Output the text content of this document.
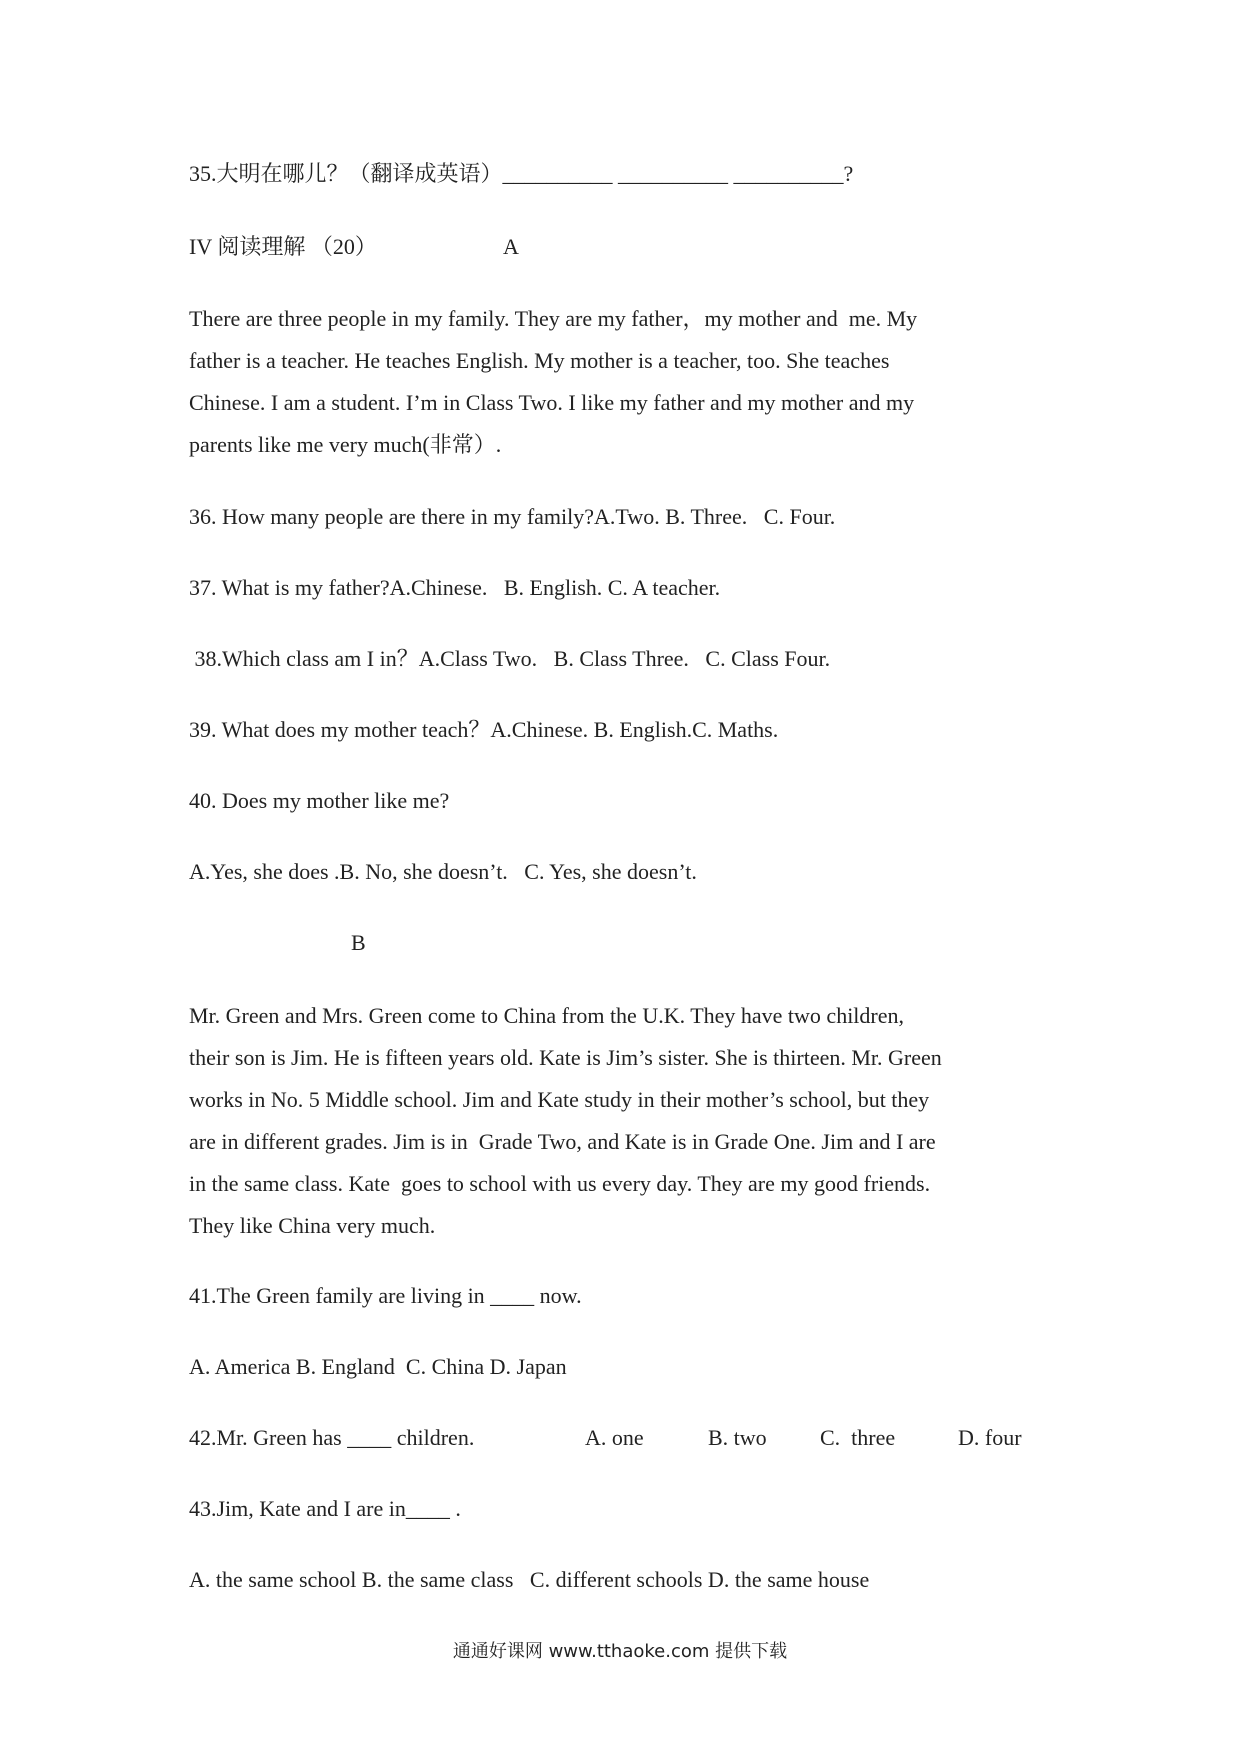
35.大明在哪儿？（翻译成英语）__________ __________ __________?
IV 阅读理解 （20）	A
There are three people in my family. They are my father，my mother and  me. My
father is a teacher. He teaches English. My mother is a teacher, too. She teaches
Chinese. I am a student. I’m in Class Two. I like my father and my mother and my
parents like me very much(非常）.
36. How many people are there in my family?A.Two. B. Three.   C. Four.
37. What is my father?A.Chinese.   B. English. C. A teacher.
38.Which class am I in？A.Class Two.   B. Class Three.   C. Class Four.
39. What does my mother teach？A.Chinese. B. English.C. Maths.
40. Does my mother like me?
A.Yes, she does .B. No, she doesn’t.   C. Yes, she doesn’t.
B
Mr. Green and Mrs. Green come to China from the U.K. They have two children,
their son is Jim. He is fifteen years old. Kate is Jim’s sister. She is thirteen. Mr. Green
works in No. 5 Middle school. Jim and Kate study in their mother’s school, but they
are in different grades. Jim is in  Grade Two, and Kate is in Grade One. Jim and I are
in the same class. Kate  goes to school with us every day. They are my good friends.
They like China very much.
41.The Green family are living in ____ now.
A. America B. England  C. China D. Japan
42.Mr. Green has ____ children.	A. one	B. two C.  three	D. four
43.Jim, Kate and I are in____ .
A. the same school B. the same class   C. different schools D. the same house
通通好课网 www.tthaoke.com 提供下载
